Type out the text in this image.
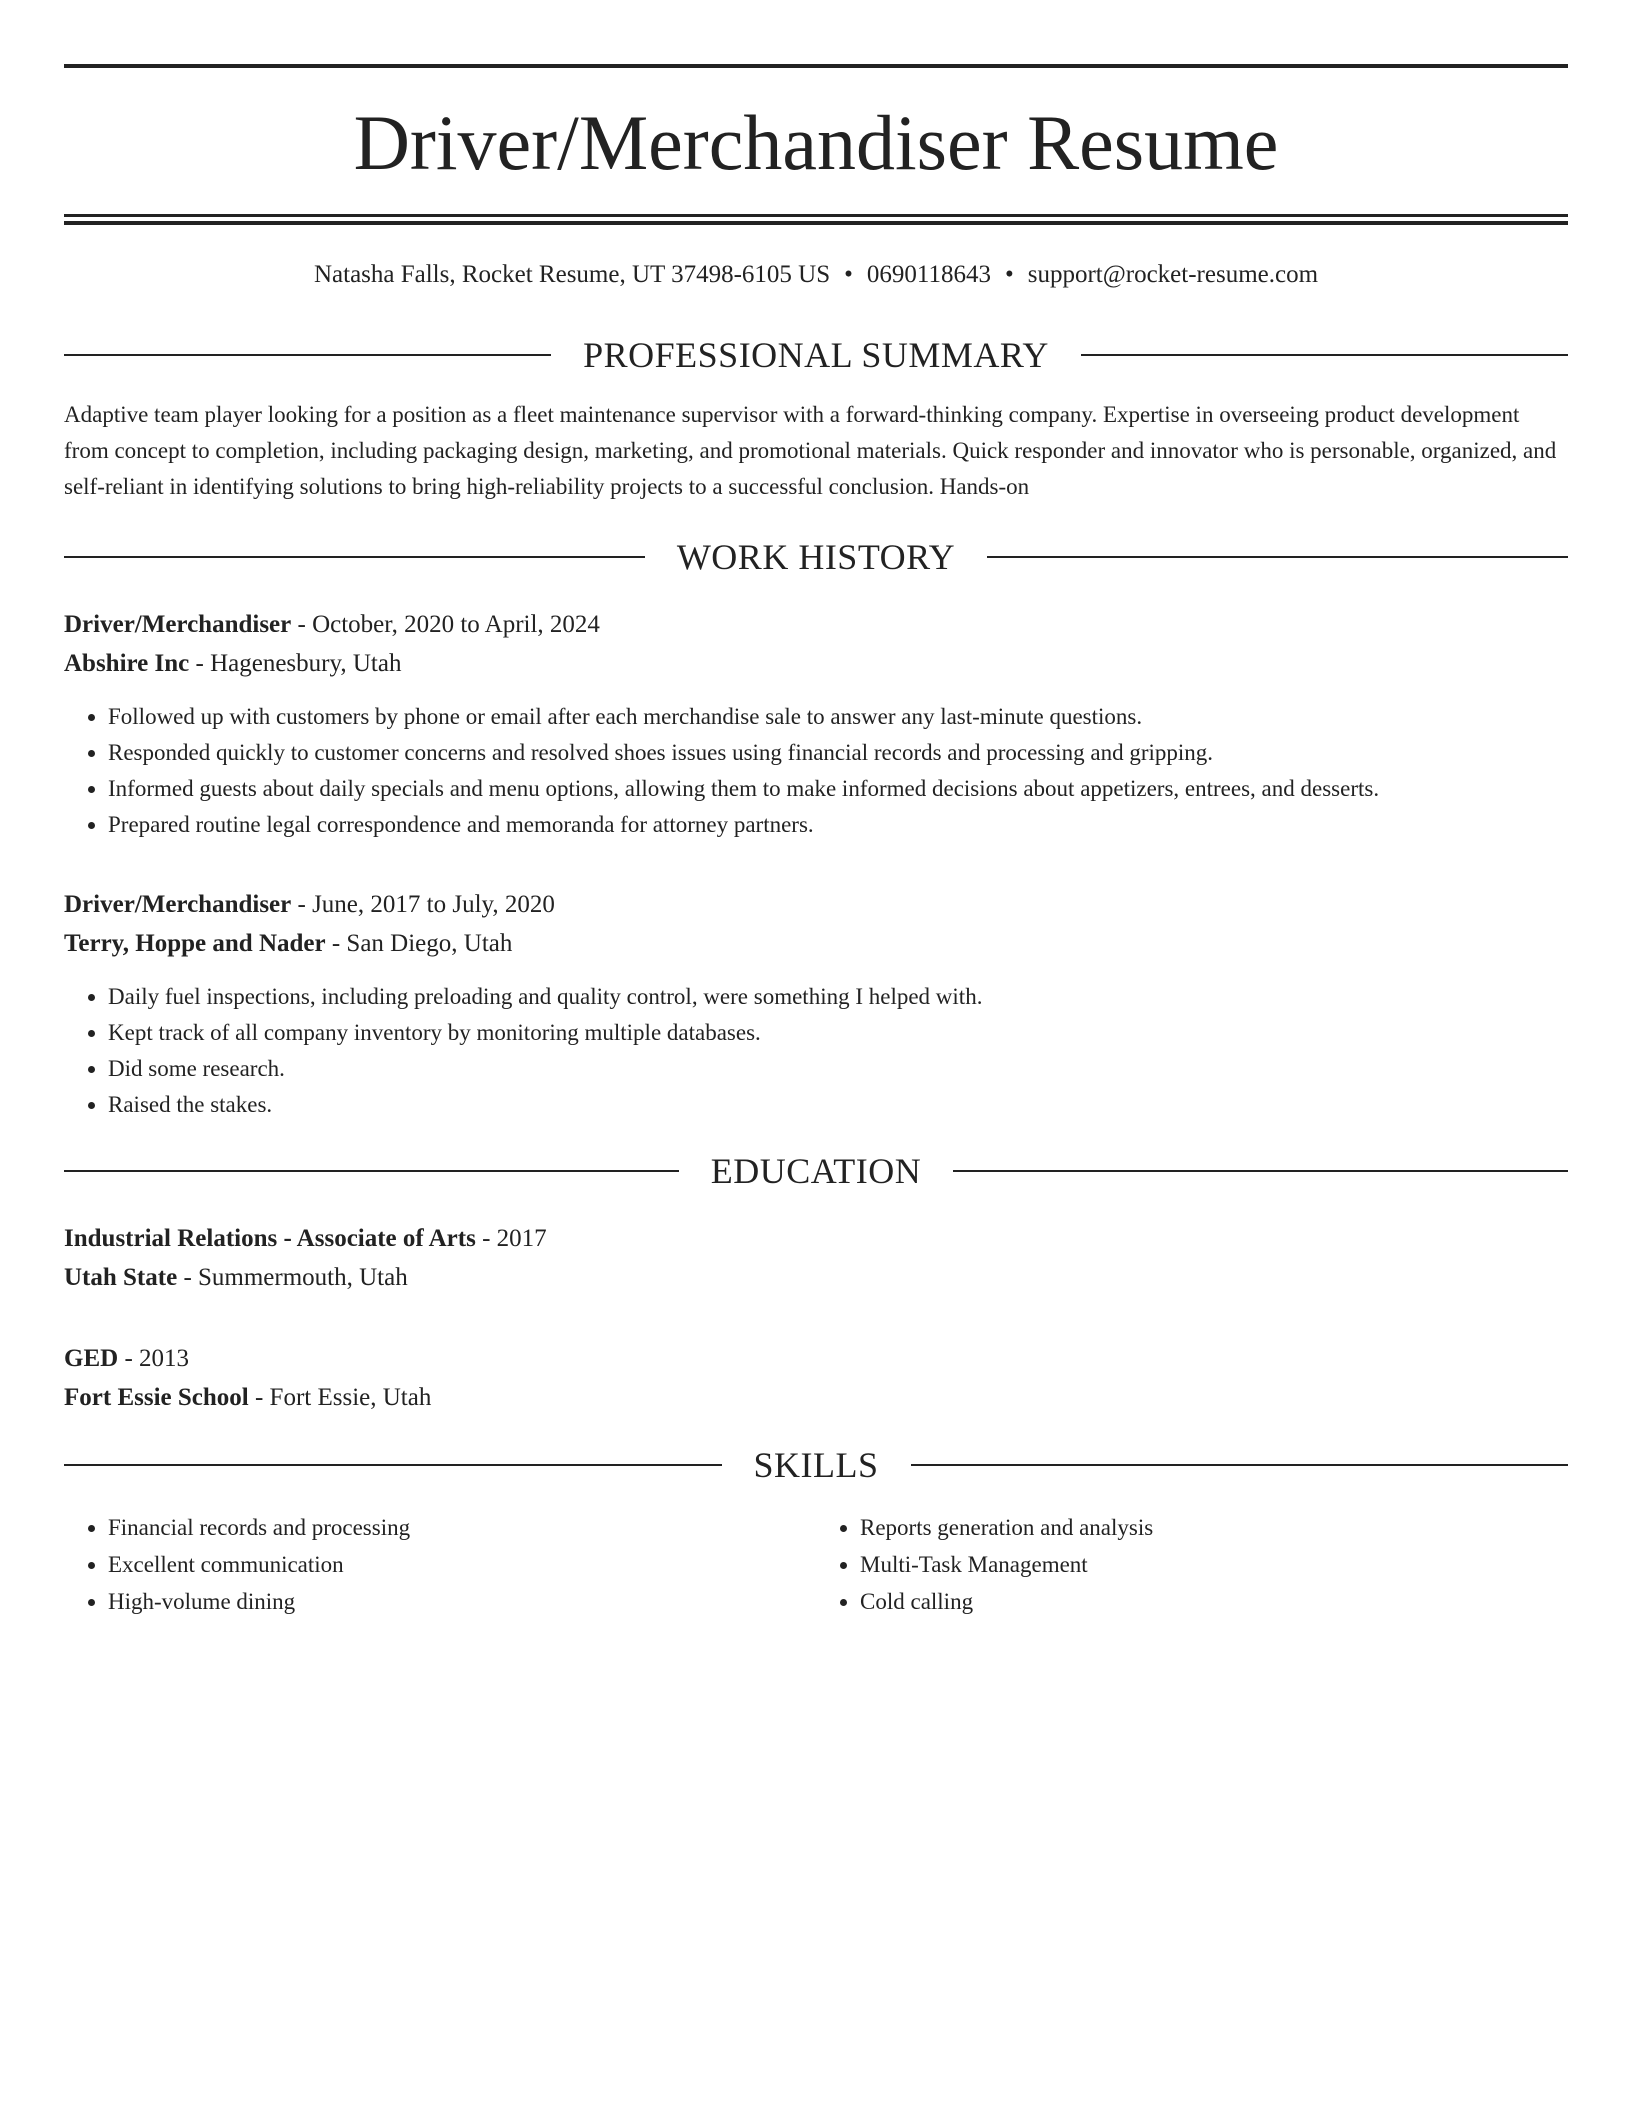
Driver/Merchandiser Resume
Natasha Falls, Rocket Resume, UT 37498-6105 US • 0690118643 • support@rocket-resume.com
PROFESSIONAL SUMMARY
Adaptive team player looking for a position as a fleet maintenance supervisor with a forward-thinking company. Expertise in overseeing product development from concept to completion, including packaging design, marketing, and promotional materials. Quick responder and innovator who is personable, organized, and self-reliant in identifying solutions to bring high-reliability projects to a successful conclusion. Hands-on
WORK HISTORY
Driver/Merchandiser - October, 2020 to April, 2024
Abshire Inc - Hagenesbury, Utah
• Followed up with customers by phone or email after each merchandise sale to answer any last-minute questions.
• Responded quickly to customer concerns and resolved shoes issues using financial records and processing and gripping.
• Informed guests about daily specials and menu options, allowing them to make informed decisions about appetizers, entrees, and desserts.
• Prepared routine legal correspondence and memoranda for attorney partners.
Driver/Merchandiser - June, 2017 to July, 2020
Terry, Hoppe and Nader - San Diego, Utah
• Daily fuel inspections, including preloading and quality control, were something I helped with.
• Kept track of all company inventory by monitoring multiple databases.
• Did some research.
• Raised the stakes.
EDUCATION
Industrial Relations - Associate of Arts - 2017
Utah State - Summermouth, Utah
GED - 2013
Fort Essie School - Fort Essie, Utah
SKILLS
• Financial records and processing
• Excellent communication
• High-volume dining
• Reports generation and analysis
• Multi-Task Management
• Cold calling
